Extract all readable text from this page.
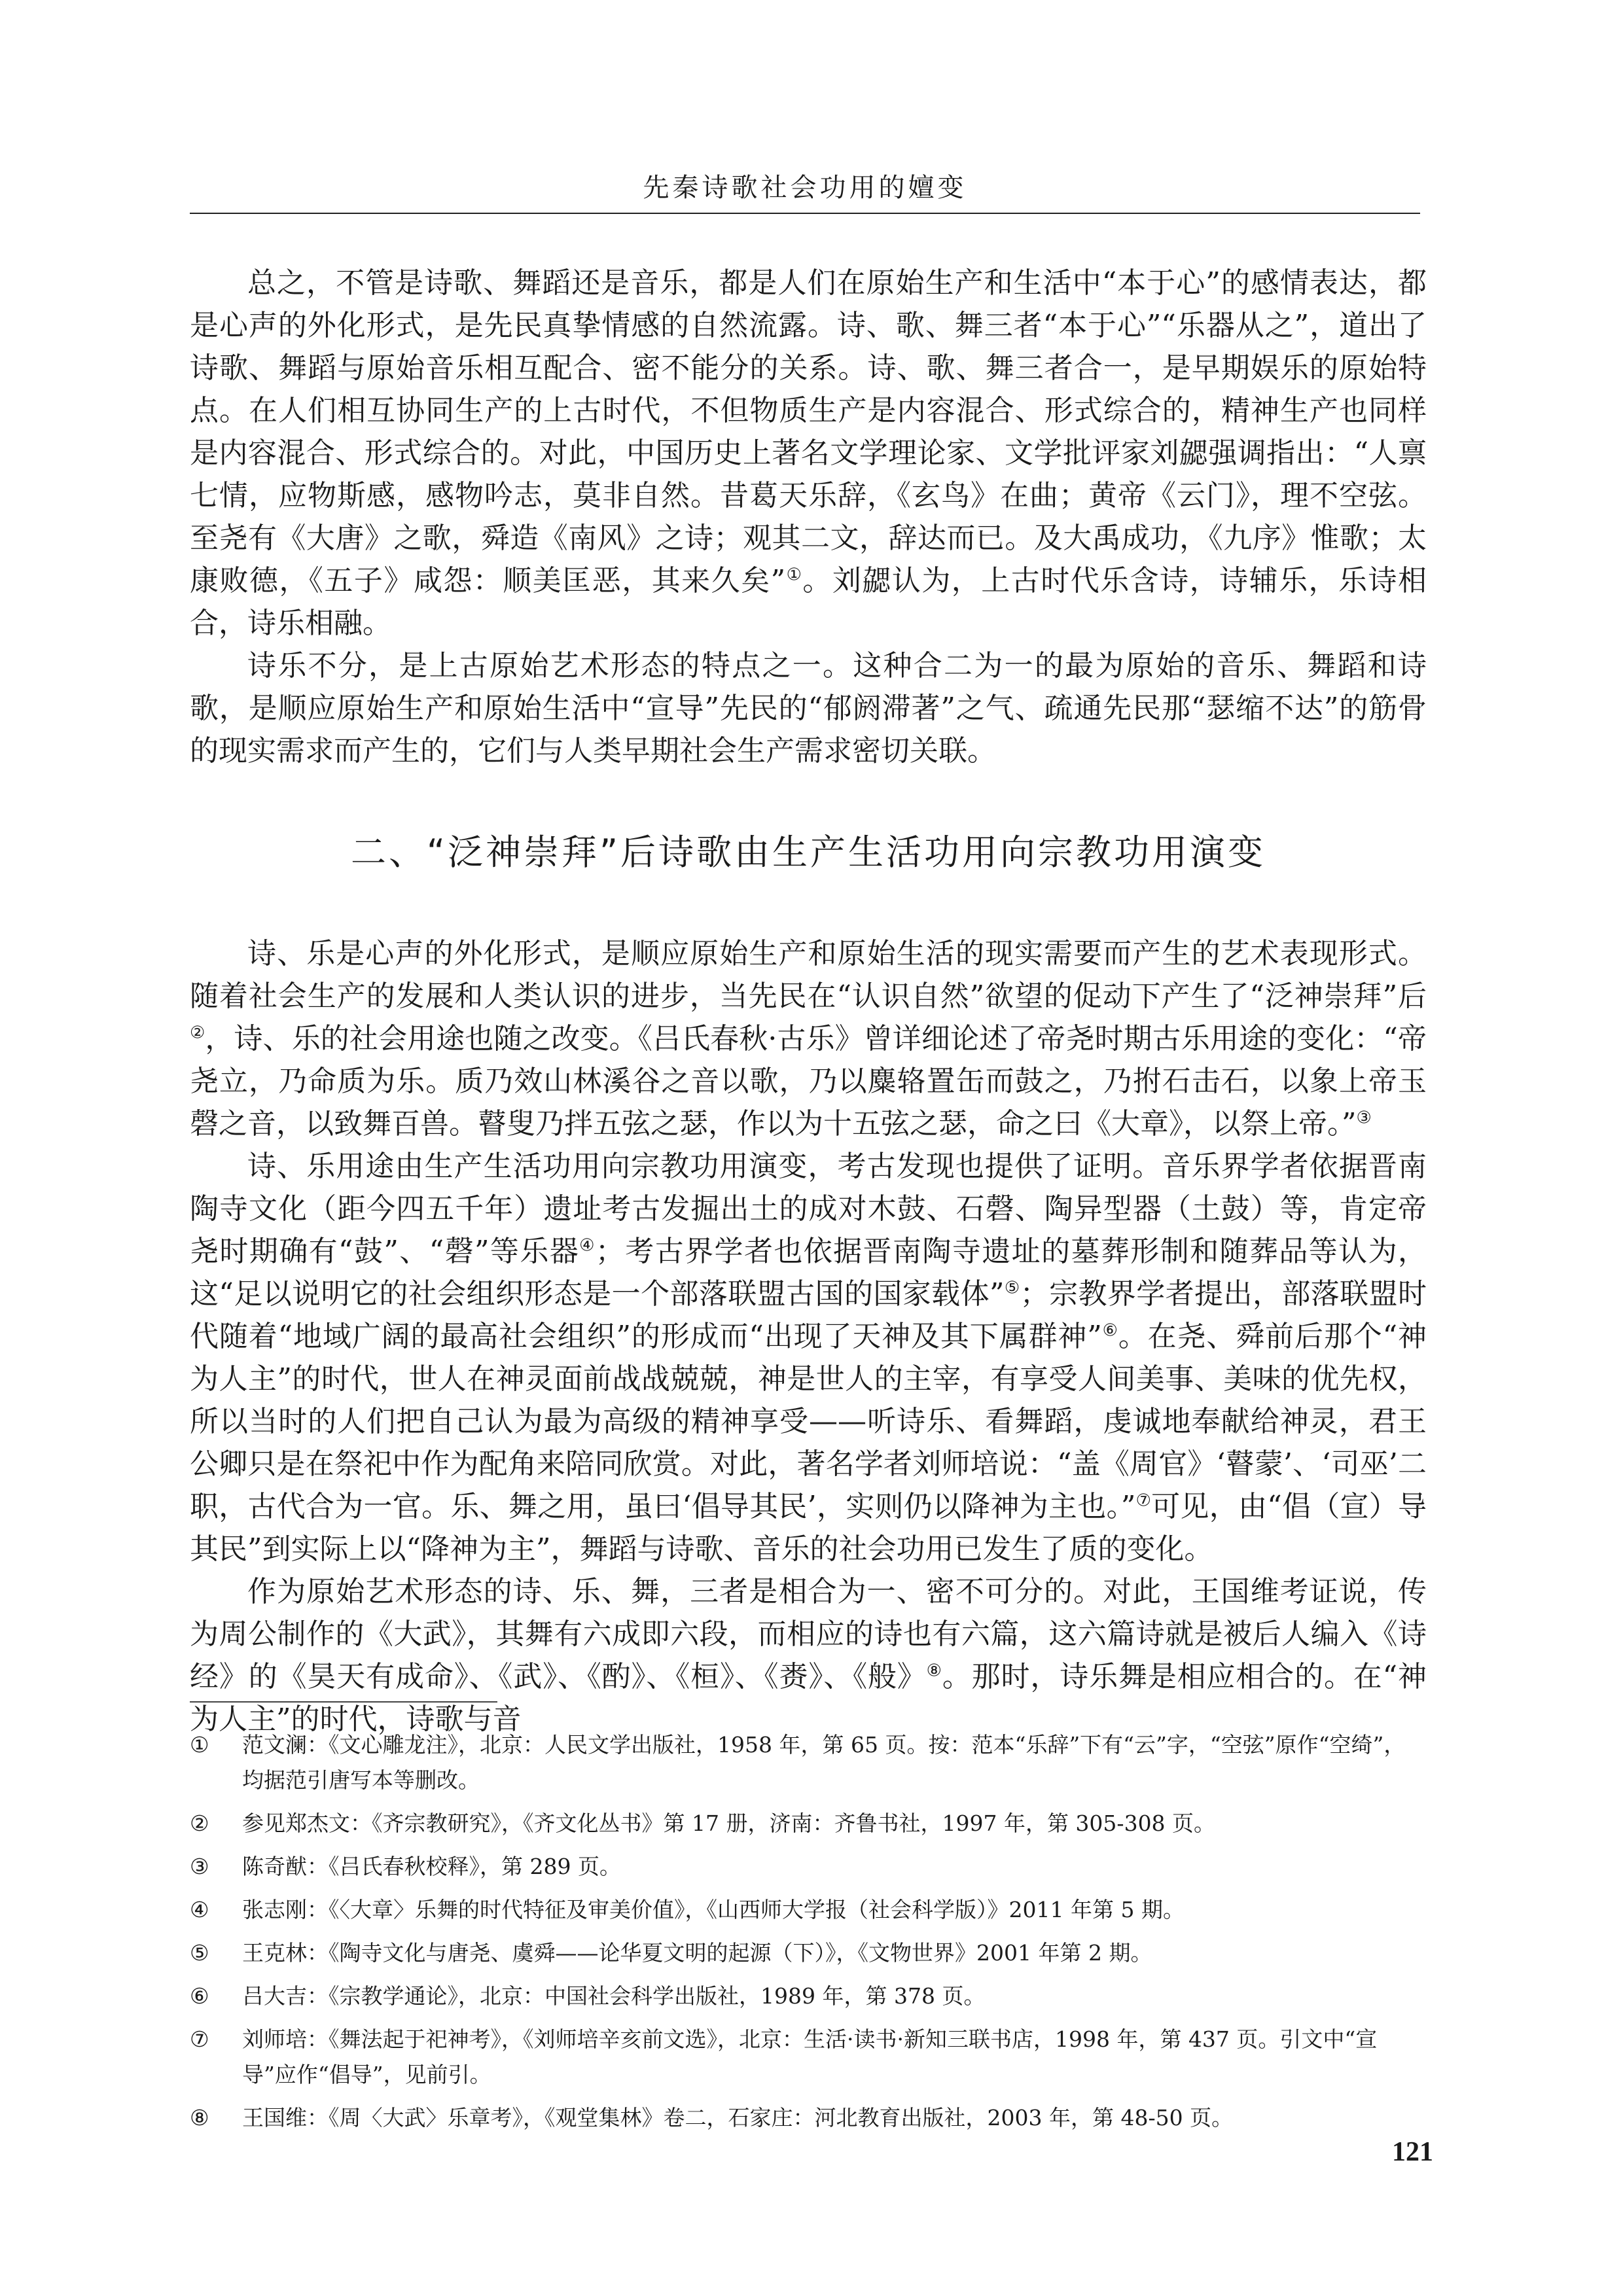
先秦诗歌社会功用的嬗变

总之，不管是诗歌、舞蹈还是音乐，都是人们在原始生产和生活中“本于心”的感情表达，都是心声的外化形式，是先民真挚情感的自然流露。诗、歌、舞三者“本于心”“乐器从之”，道出了诗歌、舞蹈与原始音乐相互配合、密不能分的关系。诗、歌、舞三者合一，是早期娱乐的原始特点。在人们相互协同生产的上古时代，不但物质生产是内容混合、形式综合的，精神生产也同样是内容混合、形式综合的。对此，中国历史上著名文学理论家、文学批评家刘勰强调指出：“人禀七情，应物斯感，感物吟志，莫非自然。昔葛天乐辞，《玄鸟》在曲；黄帝《云门》，理不空弦。至尧有《大唐》之歌，舜造《南风》之诗；观其二文，辞达而已。及大禹成功，《九序》惟歌；太康败德，《五子》咸怨：顺美匡恶，其来久矣”①。刘勰认为，上古时代乐含诗，诗辅乐，乐诗相合，诗乐相融。

诗乐不分，是上古原始艺术形态的特点之一。这种合二为一的最为原始的音乐、舞蹈和诗歌，是顺应原始生产和原始生活中“宣导”先民的“郁阏滞著”之气、疏通先民那“瑟缩不达”的筋骨的现实需求而产生的，它们与人类早期社会生产需求密切关联。

二、“泛神崇拜”后诗歌由生产生活功用向宗教功用演变

诗、乐是心声的外化形式，是顺应原始生产和原始生活的现实需要而产生的艺术表现形式。随着社会生产的发展和人类认识的进步，当先民在“认识自然”欲望的促动下产生了“泛神崇拜”后②，诗、乐的社会用途也随之改变。《吕氏春秋·古乐》曾详细论述了帝尧时期古乐用途的变化：“帝尧立，乃命质为乐。质乃效山林溪谷之音以歌，乃以麋辂置缶而鼓之，乃拊石击石，以象上帝玉磬之音，以致舞百兽。瞽叟乃拌五弦之瑟，作以为十五弦之瑟，命之曰《大章》，以祭上帝。”③

诗、乐用途由生产生活功用向宗教功用演变，考古发现也提供了证明。音乐界学者依据晋南陶寺文化（距今四五千年）遗址考古发掘出土的成对木鼓、石磬、陶异型器（土鼓）等，肯定帝尧时期确有“鼓”、“磬”等乐器④；考古界学者也依据晋南陶寺遗址的墓葬形制和随葬品等认为，这“足以说明它的社会组织形态是一个部落联盟古国的国家载体”⑤；宗教界学者提出，部落联盟时代随着“地域广阔的最高社会组织”的形成而“出现了天神及其下属群神”⑥。在尧、舜前后那个“神为人主”的时代，世人在神灵面前战战兢兢，神是世人的主宰，有享受人间美事、美味的优先权，所以当时的人们把自己认为最为高级的精神享受——听诗乐、看舞蹈，虔诚地奉献给神灵，君王公卿只是在祭祀中作为配角来陪同欣赏。对此，著名学者刘师培说：“盖《周官》‘瞽蒙’、‘司巫’二职，古代合为一官。乐、舞之用，虽曰‘倡导其民’，实则仍以降神为主也。”⑦可见，由“倡（宣）导其民”到实际上以“降神为主”，舞蹈与诗歌、音乐的社会功用已发生了质的变化。

作为原始艺术形态的诗、乐、舞，三者是相合为一、密不可分的。对此，王国维考证说，传为周公制作的《大武》，其舞有六成即六段，而相应的诗也有六篇，这六篇诗就是被后人编入《诗经》的《昊天有成命》、《武》、《酌》、《桓》、《赉》、《般》⑧。那时，诗乐舞是相应相合的。在“神为人主”的时代，诗歌与音

①	范文澜：《文心雕龙注》，北京：人民文学出版社，1958 年，第 65 页。按：范本“乐辞”下有“云”字，“空弦”原作“空绮”，均据范引唐写本等删改。
②	参见郑杰文：《齐宗教研究》，《齐文化丛书》第 17 册，济南：齐鲁书社，1997 年，第 305-308 页。
③	陈奇猷：《吕氏春秋校释》，第 289 页。
④	张志刚：《〈大章〉乐舞的时代特征及审美价值》，《山西师大学报（社会科学版）》2011 年第 5 期。
⑤	王克林：《陶寺文化与唐尧、虞舜——论华夏文明的起源（下）》，《文物世界》2001 年第 2 期。
⑥	吕大吉：《宗教学通论》，北京：中国社会科学出版社，1989 年，第 378 页。
⑦	刘师培：《舞法起于祀神考》，《刘师培辛亥前文选》，北京：生活·读书·新知三联书店，1998 年，第 437 页。引文中“宣导”应作“倡导”，见前引。
⑧	王国维：《周〈大武〉乐章考》，《观堂集林》卷二，石家庄：河北教育出版社，2003 年，第 48-50 页。
121
